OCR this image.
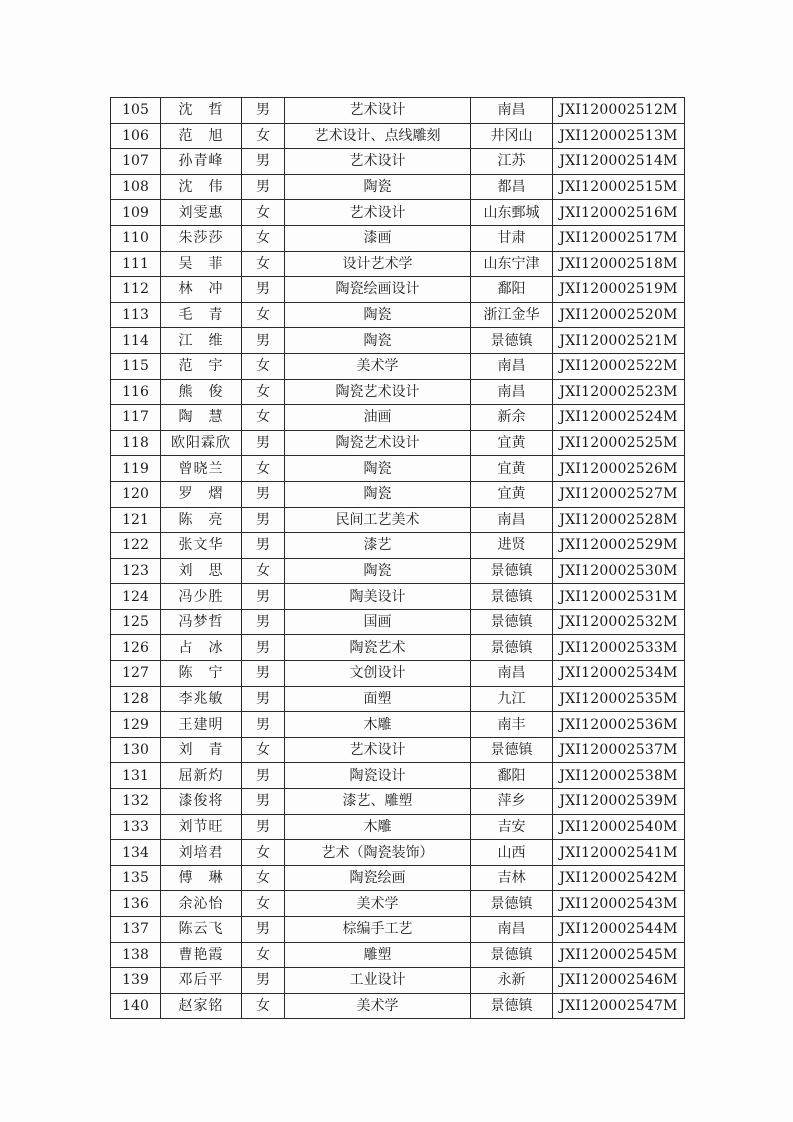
105	沈　哲	男	艺术设计	南昌	JXI120002512M
106	范　旭	女	艺术设计、点线雕刻	井冈山	JXI120002513M
107	孙青峰	男	艺术设计	江苏	JXI120002514M
108	沈　伟	男	陶瓷	都昌	JXI120002515M
109	刘雯惠	女	艺术设计	山东鄄城	JXI120002516M
110	朱莎莎	女	漆画	甘肃	JXI120002517M
111	吴　菲	女	设计艺术学	山东宁津	JXI120002518M
112	林　冲	男	陶瓷绘画设计	鄱阳	JXI120002519M
113	毛　青	女	陶瓷	浙江金华	JXI120002520M
114	江　维	男	陶瓷	景德镇	JXI120002521M
115	范　宇	女	美术学	南昌	JXI120002522M
116	熊　俊	女	陶瓷艺术设计	南昌	JXI120002523M
117	陶　慧	女	油画	新余	JXI120002524M
118	欧阳霖欣	男	陶瓷艺术设计	宜黄	JXI120002525M
119	曾晓兰	女	陶瓷	宜黄	JXI120002526M
120	罗　熠	男	陶瓷	宜黄	JXI120002527M
121	陈　亮	男	民间工艺美术	南昌	JXI120002528M
122	张文华	男	漆艺	进贤	JXI120002529M
123	刘　思	女	陶瓷	景德镇	JXI120002530M
124	冯少胜	男	陶美设计	景德镇	JXI120002531M
125	冯梦哲	男	国画	景德镇	JXI120002532M
126	占　冰	男	陶瓷艺术	景德镇	JXI120002533M
127	陈　宁	男	文创设计	南昌	JXI120002534M
128	李兆敏	男	面塑	九江	JXI120002535M
129	王建明	男	木雕	南丰	JXI120002536M
130	刘　青	女	艺术设计	景德镇	JXI120002537M
131	屈新灼	男	陶瓷设计	鄱阳	JXI120002538M
132	漆俊将	男	漆艺、雕塑	萍乡	JXI120002539M
133	刘节旺	男	木雕	吉安	JXI120002540M
134	刘培君	女	艺术（陶瓷装饰）	山西	JXI120002541M
135	傅　琳	女	陶瓷绘画	吉林	JXI120002542M
136	余沁怡	女	美术学	景德镇	JXI120002543M
137	陈云飞	男	棕编手工艺	南昌	JXI120002544M
138	曹艳霞	女	雕塑	景德镇	JXI120002545M
139	邓后平	男	工业设计	永新	JXI120002546M
140	赵家铭	女	美术学	景德镇	JXI120002547M
